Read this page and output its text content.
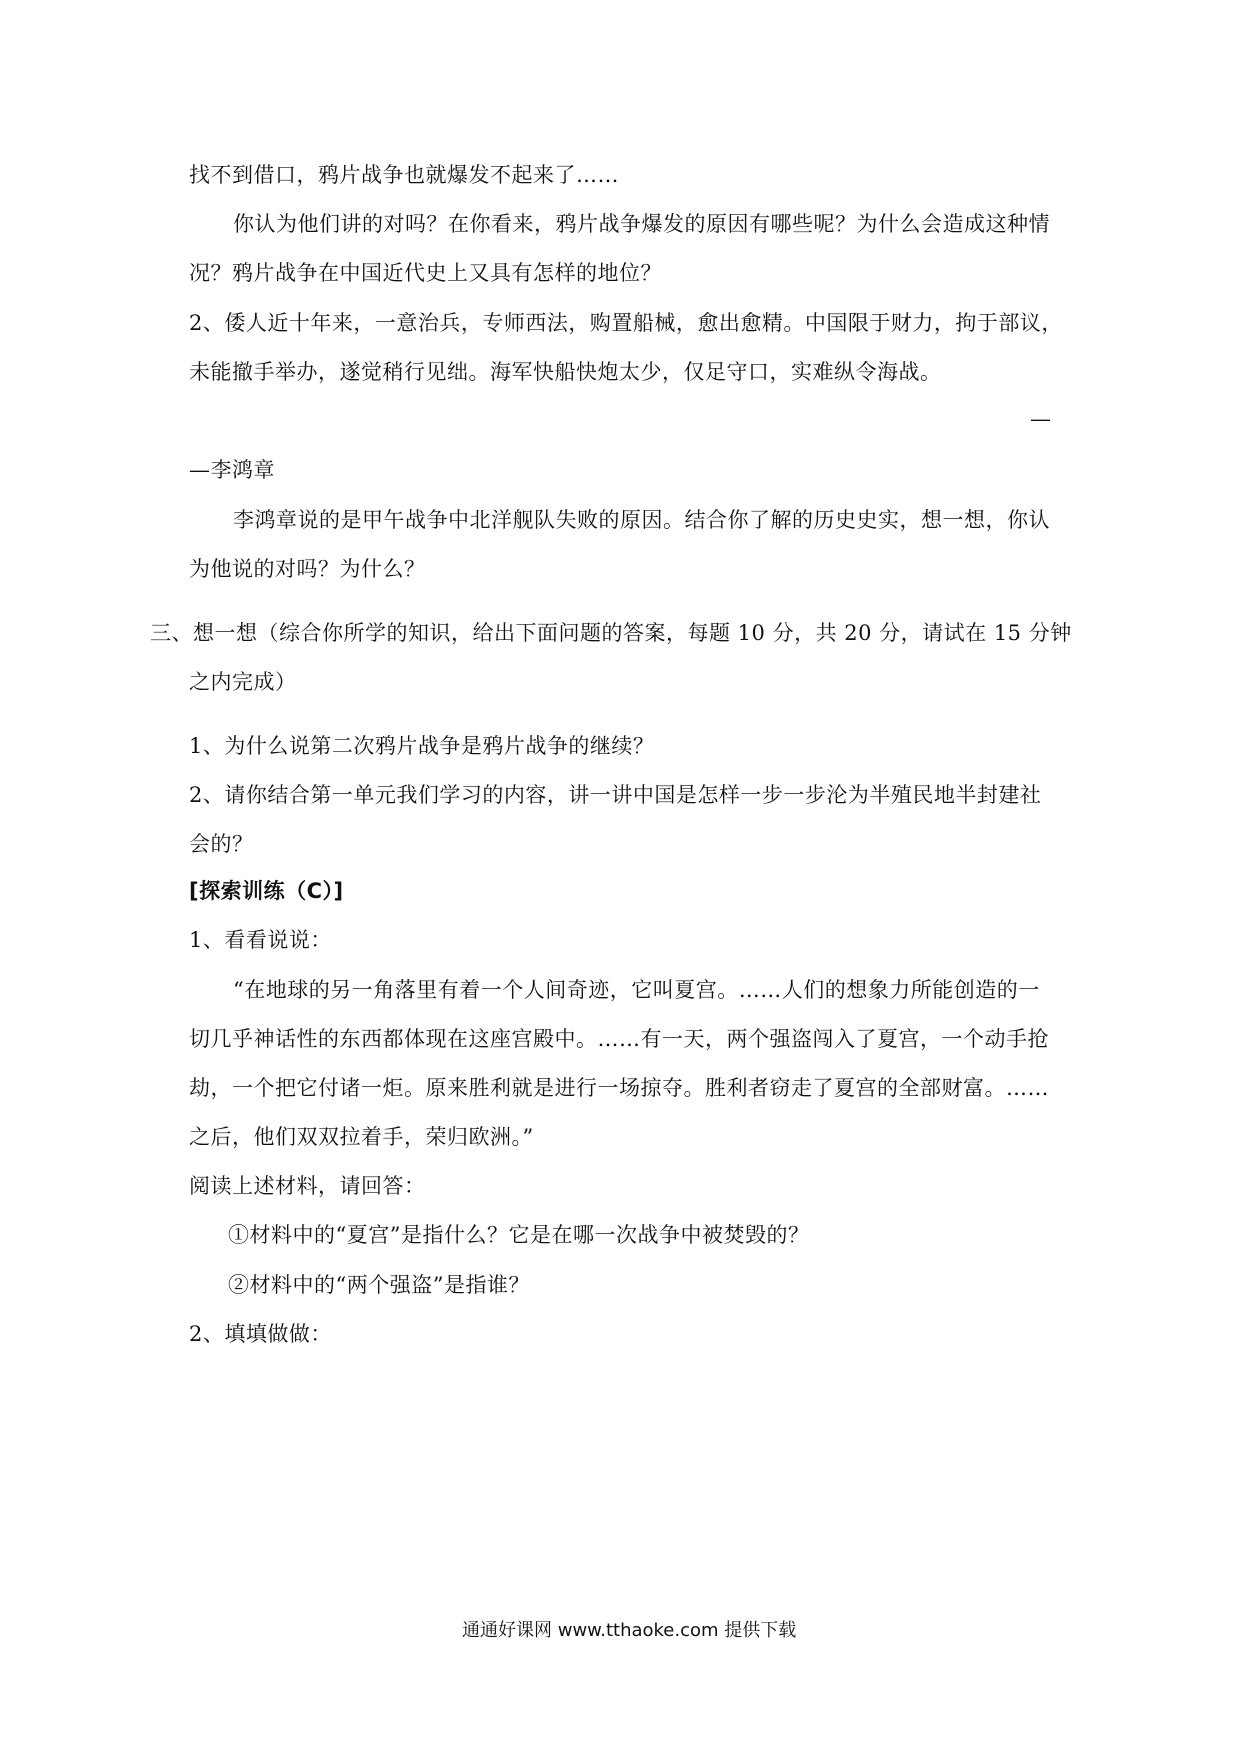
找不到借口，鸦片战争也就爆发不起来了……
你认为他们讲的对吗？在你看来，鸦片战争爆发的原因有哪些呢？为什么会造成这种情
况？鸦片战争在中国近代史上又具有怎样的地位？
2、倭人近十年来，一意治兵，专师西法，购置船械，愈出愈精。中国限于财力，拘于部议，
未能撤手举办，遂觉稍行见绌。海军快船快炮太少，仅足守口，实难纵令海战。
—
—李鸿章
李鸿章说的是甲午战争中北洋舰队失败的原因。结合你了解的历史史实，想一想，你认
为他说的对吗？为什么？
三、想一想（综合你所学的知识，给出下面问题的答案，每题 10 分，共 20 分，请试在 15 分钟
之内完成）
1、为什么说第二次鸦片战争是鸦片战争的继续？
2、请你结合第一单元我们学习的内容，讲一讲中国是怎样一步一步沦为半殖民地半封建社
会的？
[探索训练（C）]
1、看看说说：
“在地球的另一角落里有着一个人间奇迹，它叫夏宫。……人们的想象力所能创造的一
切几乎神话性的东西都体现在这座宫殿中。……有一天，两个强盗闯入了夏宫，一个动手抢
劫，一个把它付诸一炬。原来胜利就是进行一场掠夺。胜利者窃走了夏宫的全部财富。……
之后，他们双双拉着手，荣归欧洲。”
阅读上述材料，请回答：
①材料中的“夏宫”是指什么？它是在哪一次战争中被焚毁的？
②材料中的“两个强盗”是指谁？
2、填填做做：
通通好课网 www.tthaoke.com 提供下载
